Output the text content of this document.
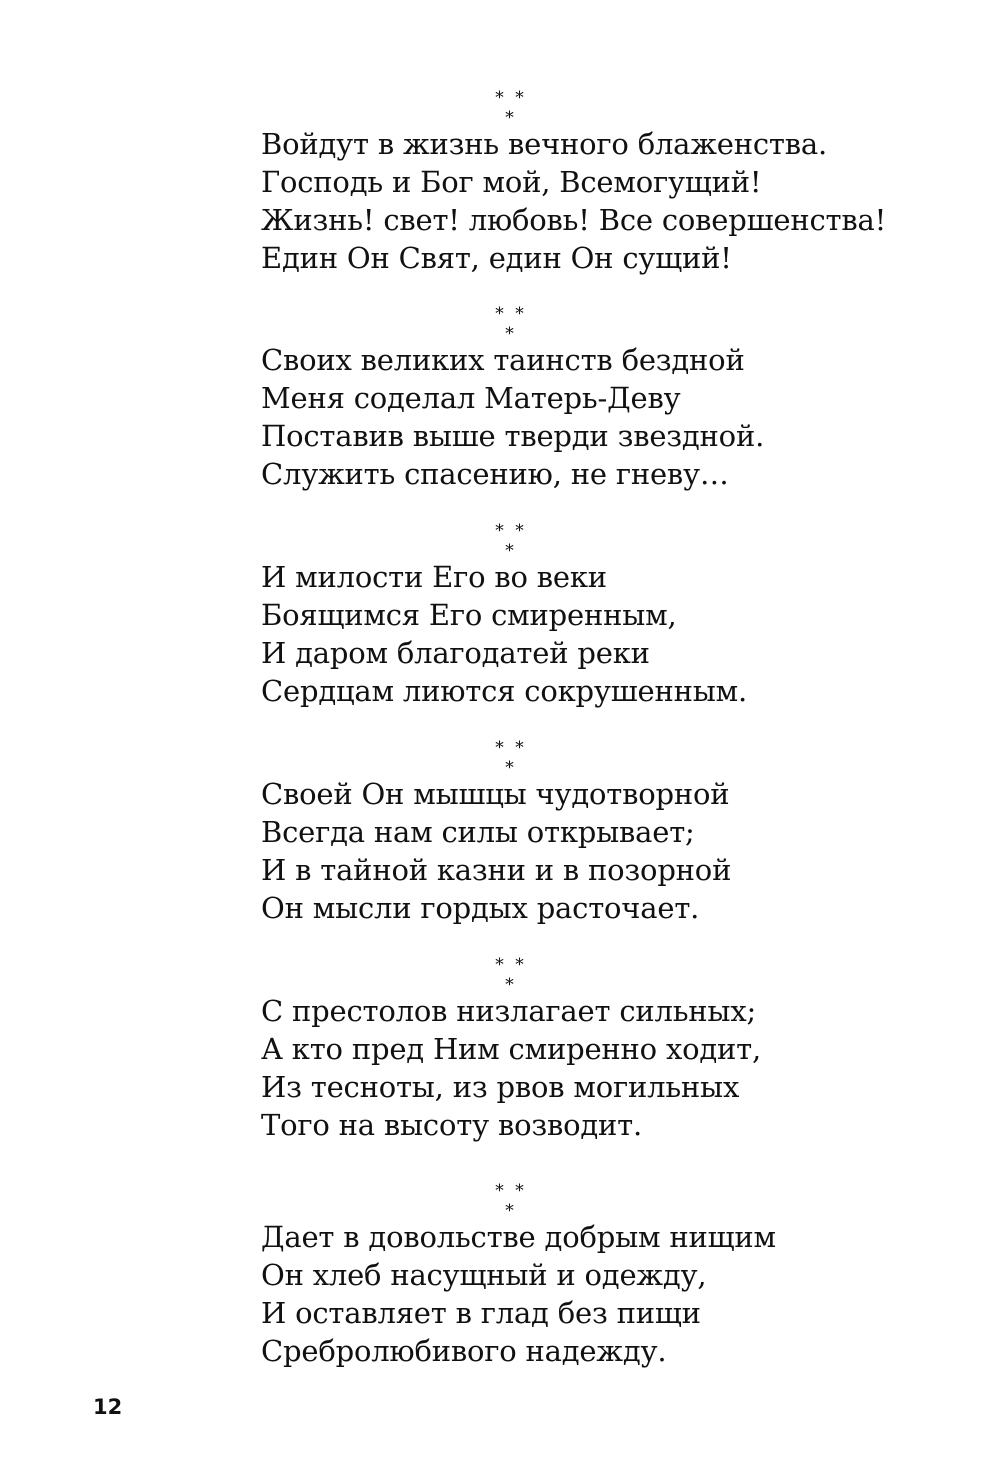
* * *
Войдут в жизнь вечного блаженства.
Господь и Бог мой, Всемогущий!
Жизнь! свет! любовь! Все совершенства!
Един Он Свят, един Он сущий!
* * *
Своих великих таинств бездной
Меня соделал Матерь-Деву
Поставив выше тверди звездной.
Служить спасению, не гневу…
* * *
И милости Его во веки
Боящимся Его смиренным,
И даром благодатей реки
Сердцам лиются сокрушенным.
* * *
Своей Он мышцы чудотворной
Всегда нам силы открывает;
И в тайной казни и в позорной
Он мысли гордых расточает.
* * *
С престолов низлагает сильных;
А кто пред Ним смиренно ходит,
Из тесноты, из рвов могильных
Того на высоту возводит.
* * *
Дает в довольстве добрым нищим
Он хлеб насущный и одежду,
И оставляет в глад без пищи
Сребролюбивого надежду.
12
